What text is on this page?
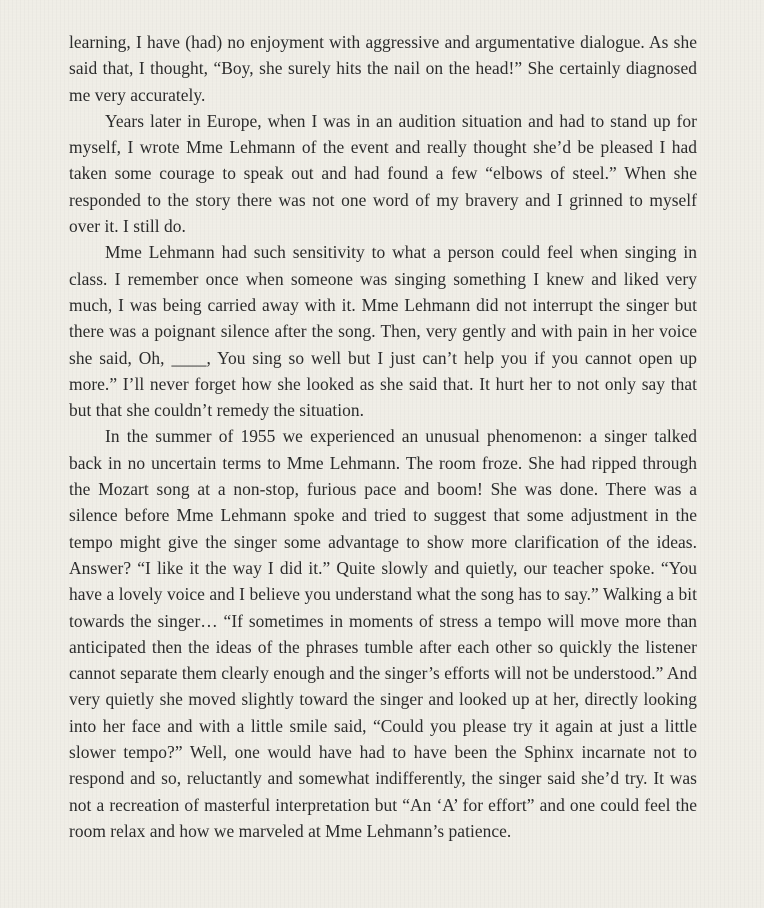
learning, I have (had) no enjoyment with aggressive and argumentative dialogue. As she said that, I thought, “Boy, she surely hits the nail on the head!” She certainly diagnosed me very accurately.

Years later in Europe, when I was in an audition situation and had to stand up for myself, I wrote Mme Lehmann of the event and really thought she’d be pleased I had taken some courage to speak out and had found a few “elbows of steel.” When she responded to the story there was not one word of my bravery and I grinned to myself over it. I still do.

Mme Lehmann had such sensitivity to what a person could feel when singing in class. I remember once when someone was singing something I knew and liked very much, I was being carried away with it. Mme Lehmann did not interrupt the singer but there was a poignant silence after the song. Then, very gently and with pain in her voice she said, Oh, ____, You sing so well but I just can’t help you if you cannot open up more.” I’ll never forget how she looked as she said that. It hurt her to not only say that but that she couldn’t remedy the situation.

In the summer of 1955 we experienced an unusual phenomenon: a singer talked back in no uncertain terms to Mme Lehmann. The room froze. She had ripped through the Mozart song at a non-stop, furious pace and boom! She was done. There was a silence before Mme Lehmann spoke and tried to suggest that some adjustment in the tempo might give the singer some advantage to show more clarification of the ideas. Answer? “I like it the way I did it.” Quite slowly and quietly, our teacher spoke. “You have a lovely voice and I believe you understand what the song has to say.” Walking a bit towards the singer… “If sometimes in moments of stress a tempo will move more than anticipated then the ideas of the phrases tumble after each other so quickly the listener cannot separate them clearly enough and the singer’s efforts will not be understood.” And very quietly she moved slightly toward the singer and looked up at her, directly looking into her face and with a little smile said, “Could you please try it again at just a little slower tempo?” Well, one would have had to have been the Sphinx incarnate not to respond and so, reluctantly and somewhat indifferently, the singer said she’d try. It was not a recreation of masterful interpretation but “An ‘A’ for effort” and one could feel the room relax and how we marveled at Mme Lehmann’s patience.
